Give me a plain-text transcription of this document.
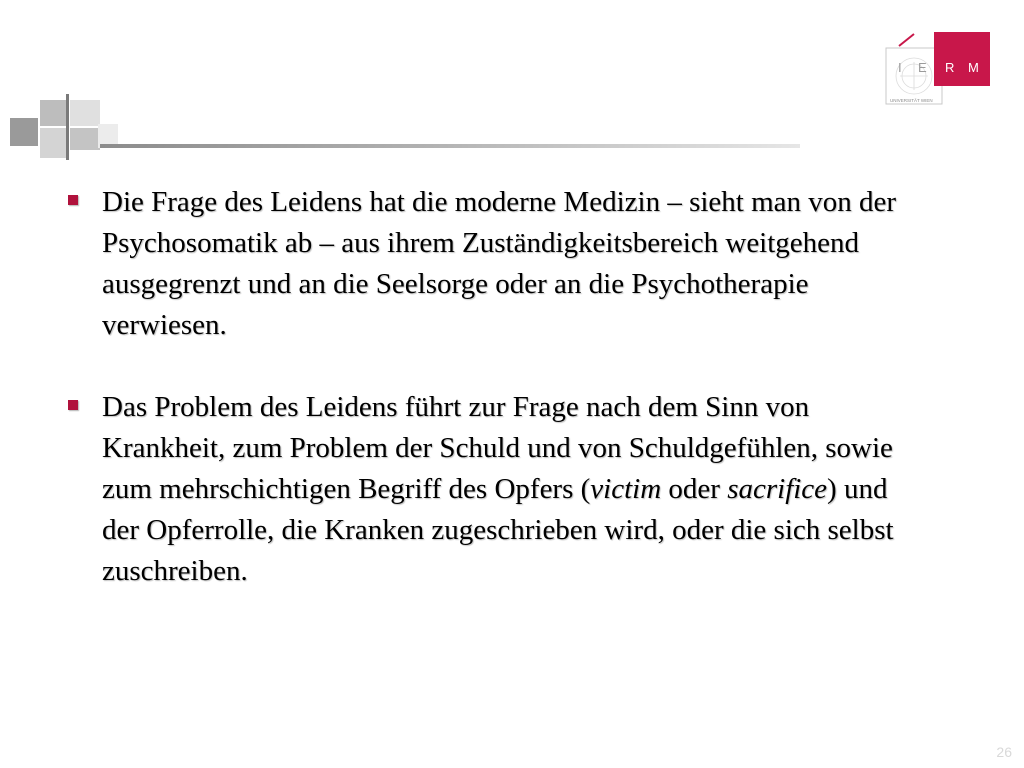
I E R M
UNIVERSITÄT WIEN
Die Frage des Leidens hat die moderne Medizin – sieht man von der Psychosomatik ab – aus ihrem Zuständigkeitsbereich weitgehend ausgegrenzt und an die Seelsorge oder an die Psychotherapie verwiesen.
Das Problem des Leidens führt zur Frage nach dem Sinn von Krankheit, zum Problem der Schuld und von Schuldgefühlen, sowie zum mehrschichtigen Begriff des Opfers (victim oder sacrifice) und der Opferrolle, die Kranken zugeschrieben wird, oder die sich selbst zuschreiben.
26
